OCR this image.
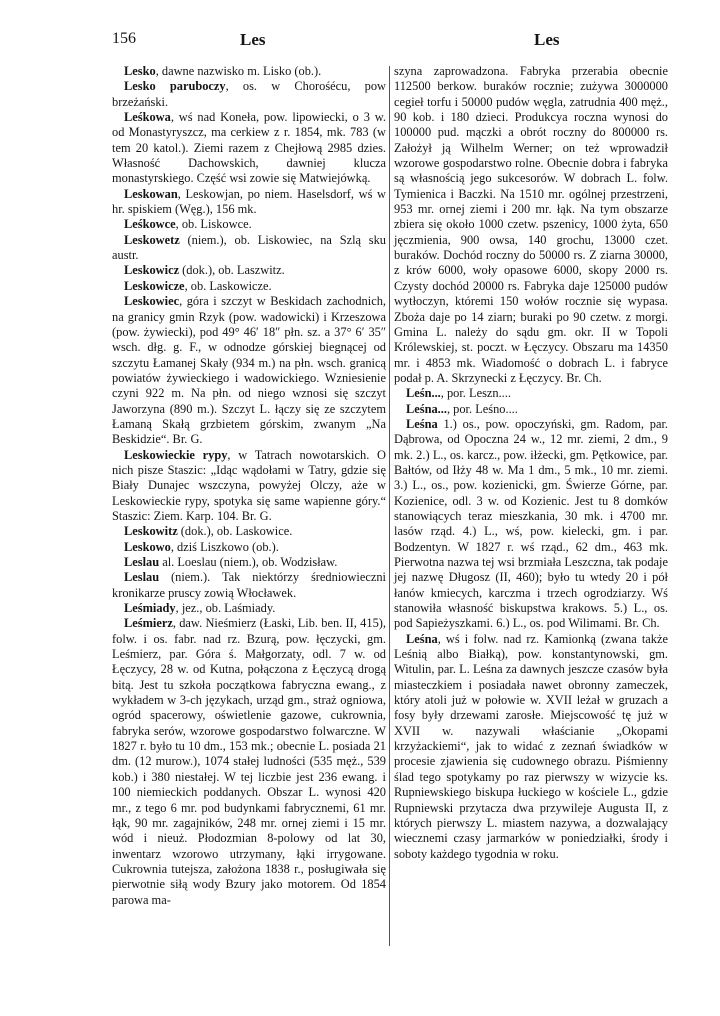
156	Les	Les

Lesko, dawne nazwisko m. Lisko (ob.).

Lesko paruboczy, os. w Chorośécu, pow brzeżański.

Leśkowa, wś nad Koneła, pow. lipowiecki, o 3 w. od Monastyryszcz, ma cerkiew z r. 1854, mk. 783 (w tem 20 katol.). Ziemi razem z Chejłową 2985 dzies. Własność Dachowskich, dawniej klucza monastyrskiego. Część wsi zowie się Matwiejówką.

Leskowan, Leskowjan, po niem. Haselsdorf, wś w hr. spiskiem (Węg.), 156 mk.

Leśkowce, ob. Liskowce.

Leskowetz (niem.), ob. Liskowiec, na Szlą sku austr.

Leskowicz (dok.), ob. Laszwitz.

Leskowicze, ob. Laskowicze.

Leskowiec, góra i szczyt w Beskidach zachodnich, na granicy gmin Rzyk (pow. wadowicki) i Krzeszowa (pow. żywiecki), pod 49° 46′ 18″ płn. sz. a 37° 6′ 35″ wsch. dłg. g. F., w odnodze górskiej biegnącej od szczytu Łamanej Skały (934 m.) na płn. wsch. granicą powiatów żywieckiego i wadowickiego. Wzniesienie czyni 922 m. Na płn. od niego wznosi się szczyt Jaworzyna (890 m.). Szczyt L. łączy się ze szczytem Łamaną Skałą grzbietem górskim, zwanym „Na Beskidzie“. Br. G.

Leskowieckie rypy, w Tatrach nowotarskich. O nich pisze Staszic: „Idąc wądołami w Tatry, gdzie się Biały Dunajec wszczyna, powyżej Olczy, aże w Leskowieckie rypy, spotyka się same wapienne góry.“ Staszic: Ziem. Karp. 104. Br. G.

Leskowitz (dok.), ob. Laskowice.

Leskowo, dziś Liszkowo (ob.).

Leslau al. Loeslau (niem.), ob. Wodzisław.

Leslau (niem.). Tak niektórzy średniowieczni kronikarze pruscy zowią Włocławek.

Leśmiady, jez., ob. Laśmiady.

Leśmierz, daw. Nieśmierz (Łaski, Lib. ben. II, 415), folw. i os. fabr. nad rz. Bzurą, pow. łęczycki, gm. Leśmierz, par. Góra ś. Małgorzaty, odl. 7 w. od Łęczycy, 28 w. od Kutna, połączona z Łęczycą drogą bitą. Jest tu szkoła początkowa fabryczna ewang., z wykładem w 3-ch językach, urząd gm., straż ogniowa, ogród spacerowy, oświetlenie gazowe, cukrownia, fabryka serów, wzorowe gospodarstwo folwarczne. W 1827 r. było tu 10 dm., 153 mk.; obecnie L. posiada 21 dm. (12 murow.), 1074 stałej ludności (535 męż., 539 kob.) i 380 niestałej. W tej liczbie jest 236 ewang. i 100 niemieckich poddanych. Obszar L. wynosi 420 mr., z tego 6 mr. pod budynkami fabrycznemi, 61 mr. łąk, 90 mr. zagajników, 248 mr. ornej ziemi i 15 mr. wód i nieuż. Płodozmian 8-polowy od lat 30, inwentarz wzorowo utrzymany, łąki irrygowane. Cukrownia tutejsza, założona 1838 r., posługiwała się pierwotnie siłą wody Bzury jako motorem. Od 1854 parowa ma-

szyna zaprowadzona. Fabryka przerabia obecnie 112500 berkow. buraków rocznie; zużywa 3000000 cegieł torfu i 50000 pudów węgla, zatrudnia 400 męż., 90 kob. i 180 dzieci. Produkcya roczna wynosi do 100000 pud. mączki a obrót roczny do 800000 rs. Założył ją Wilhelm Werner; on też wprowadził wzorowe gospodarstwo rolne. Obecnie dobra i fabryka są własnością jego sukcesorów. W dobrach L. folw. Tymienica i Baczki. Na 1510 mr. ogólnej przestrzeni, 953 mr. ornej ziemi i 200 mr. łąk. Na tym obszarze zbiera się około 1000 czetw. pszenicy, 1000 żyta, 650 jęczmienia, 900 owsa, 140 grochu, 13000 czet. buraków. Dochód roczny do 50000 rs. Z ziarna 30000, z krów 6000, woły opasowe 6000, skopy 2000 rs. Czysty dochód 20000 rs. Fabryka daje 125000 pudów wytłoczyn, któremi 150 wołów rocznie się wypasa. Zboża daje po 14 ziarn; buraki po 90 czetw. z morgi. Gmina L. należy do sądu gm. okr. II w Topoli Królewskiej, st. poczt. w Łęczycy. Obszaru ma 14350 mr. i 4853 mk. Wiadomość o dobrach L. i fabryce podał p. A. Skrzynecki z Łęczycy. Br. Ch.

Leśn..., por. Leszn....

Leśna..., por. Leśno....

Leśna 1.) os., pow. opoczyński, gm. Radom, par. Dąbrowa, od Opoczna 24 w., 12 mr. ziemi, 2 dm., 9 mk. 2.) L., os. karcz., pow. iłżecki, gm. Pętkowice, par. Bałtów, od Iłży 48 w. Ma 1 dm., 5 mk., 10 mr. ziemi. 3.) L., os., pow. kozienicki, gm. Świerze Górne, par. Kozienice, odl. 3 w. od Kozienic. Jest tu 8 domków stanowiących teraz mieszkania, 30 mk. i 4700 mr. lasów rząd. 4.) L., wś, pow. kielecki, gm. i par. Bodzentyn. W 1827 r. wś rząd., 62 dm., 463 mk. Pierwotna nazwa tej wsi brzmiała Leszczna, tak podaje jej nazwę Długosz (II, 460); było tu wtedy 20 i pół łanów kmiecych, karczma i trzech ogrodziarzy. Wś stanowiła własność biskupstwa krakows. 5.) L., os. pod Sapieżyszkami. 6.) L., os. pod Wilimami. Br. Ch.

Leśna, wś i folw. nad rz. Kamionką (zwana także Leśnią albo Białką), pow. konstantynowski, gm. Witulin, par. L. Leśna za dawnych jeszcze czasów była miasteczkiem i posiadała nawet obronny zameczek, który atoli już w połowie w. XVII leżał w gruzach a fosy były drzewami zarosłe. Miejscowość tę już w XVII w. nazywali właścianie „Okopami krzyżackiemi“, jak to widać z zeznań świadków w procesie zjawienia się cudownego obrazu. Piśmienny ślad tego spotykamy po raz pierwszy w wizycie ks. Rupniewskiego biskupa łuckiego w kościele L., gdzie Rupniewski przytacza dwa przywileje Augusta II, z których pierwszy L. miastem nazywa, a dozwalający wiecznemi czasy jarmarków w poniedziałki, środy i soboty każdego tygodnia w roku.
